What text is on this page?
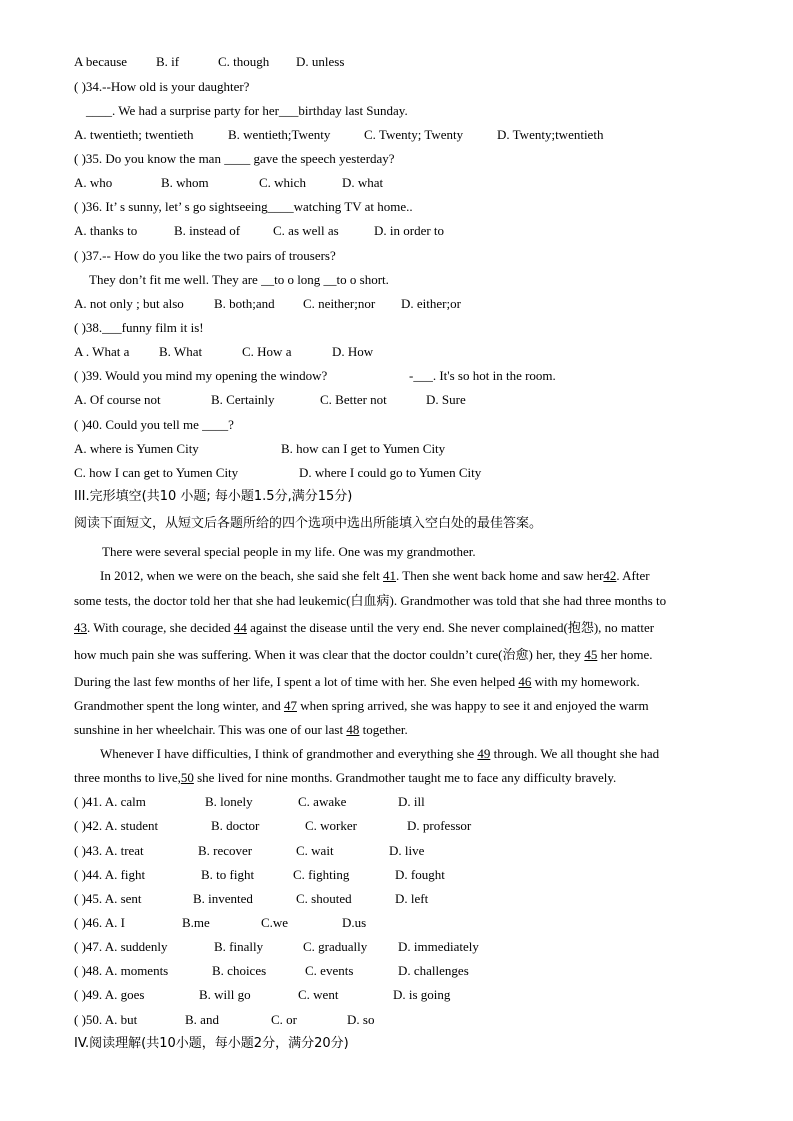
A because B. if	C. though D. unless
( )34.--How old is your daughter?
____. We had a surprise party for her___birthday last Sunday.
A. twentieth; twentieth	B. wentieth;Twenty	C. Twenty; Twenty	D. Twenty;twentieth
( )35. Do you know the man ____ gave the speech yesterday?
A. who	B. whom	C. which	D. what
( )36. It’ s sunny, let’ s go sightseeing____watching TV at home..
A. thanks to	B. instead of	C. as well as	D. in order to
( )37.-- How do you like the two pairs of trousers?
They don’t fit me well. They are __to o long __to o short.
A. not only ; but also B. both;and C. neither;nor D. either;or
( )38.___funny film it is!
A . What a B. What	C. How a	D. How
( )39. Would you mind my opening the window?	-___. It's so hot in the room.
A. Of course not	B. Certainly	C. Better not	D. Sure
( )40. Could you tell me ____?
A. where is Yumen City	B. how can I get to Yumen City
C. how I can get to Yumen City	D. where I could go to Yumen City
III.完形填空(共10 小题; 每小题1.5分,满分15分)
阅读下面短文，从短文后各题所给的四个选项中选出所能填入空白处的最佳答案。
There were several special people in my life. One was my grandmother.
In 2012, when we were on the beach, she said she felt 41. Then she went back home and saw her42. After
some tests, the doctor told her that she had leukemic(白血病). Grandmother was told that she had three months to
43. With courage, she decided 44 against the disease until the very end. She never complained(抱怨), no matter
how much pain she was suffering. When it was clear that the doctor couldn’t cure(治愈) her, they 45 her home.
During the last few months of her life, I spent a lot of time with her. She even helped 46 with my homework.
Grandmother spent the long winter, and 47 when spring arrived, she was happy to see it and enjoyed the warm
sunshine in her wheelchair. This was one of our last 48 together.
Whenever I have difficulties, I think of grandmother and everything she 49 through. We all thought she had
three months to live,50 she lived for nine months. Grandmother taught me to face any difficulty bravely.
( )41. A. calm	B. lonely	C. awake	D. ill
( )42. A. student	B. doctor	C. worker	D. professor
( )43. A. treat	B. recover	C. wait	D. live
( )44. A. fight	B. to fight	C. fighting	D. fought
( )45. A. sent	B. invented	C. shouted	D. left
( )46. A. I	B.me	C.we	D.us
( )47. A. suddenly	B. finally	C. gradually D. immediately
( )48. A. moments	B. choices	C. events	D. challenges
( )49. A. goes	B. will go	C. went	D. is going
( )50. A. but	B. and	C. or	D. so
IV.阅读理解(共10小题，每小题2分，满分20分)
